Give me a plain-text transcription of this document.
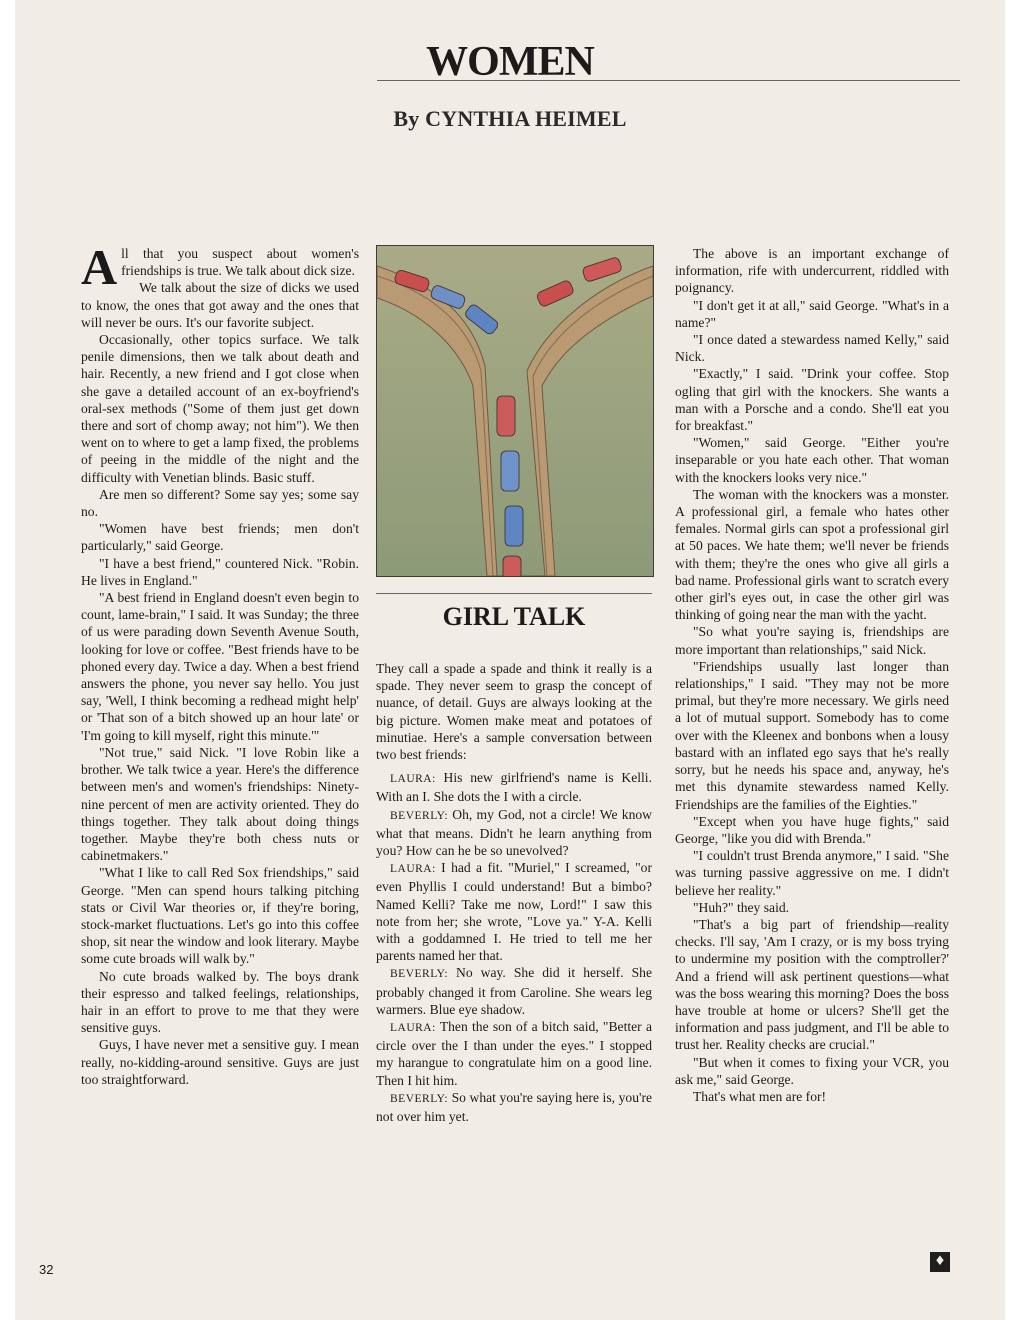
WOMEN
By CYNTHIA HEIMEL

All that you suspect about women's friendships is true. We talk about dick size.

We talk about the size of dicks we used to know, the ones that got away and the ones that will never be ours. It's our favorite subject.

Occasionally, other topics surface. We talk penile dimensions, then we talk about death and hair. Recently, a new friend and I got close when she gave a detailed account of an ex-boyfriend's oral-sex methods ("Some of them just get down there and sort of chomp away; not him"). We then went on to where to get a lamp fixed, the problems of peeing in the middle of the night and the difficulty with Venetian blinds. Basic stuff.

Are men so different? Some say yes; some say no.

"Women have best friends; men don't particularly," said George.

"I have a best friend," countered Nick. "Robin. He lives in England."

"A best friend in England doesn't even begin to count, lame-brain," I said. It was Sunday; the three of us were parading down Seventh Avenue South, looking for love or coffee. "Best friends have to be phoned every day. Twice a day. When a best friend answers the phone, you never say hello. You just say, 'Well, I think becoming a redhead might help' or 'That son of a bitch showed up an hour late' or 'I'm going to kill myself, right this minute.'"

"Not true," said Nick. "I love Robin like a brother. We talk twice a year. Here's the difference between men's and women's friendships: Ninety-nine percent of men are activity oriented. They do things together. They talk about doing things together. Maybe they're both chess nuts or cabinetmakers."

"What I like to call Red Sox friendships," said George. "Men can spend hours talking pitching stats or Civil War theories or, if they're boring, stock-market fluctuations. Let's go into this coffee shop, sit near the window and look literary. Maybe some cute broads will walk by."

No cute broads walked by. The boys drank their espresso and talked feelings, relationships, hair in an effort to prove to me that they were sensitive guys.

Guys, I have never met a sensitive guy. I mean really, no-kidding-around sensitive. Guys are just too straightforward.

GIRL TALK

They call a spade a spade and think it really is a spade. They never seem to grasp the concept of nuance, of detail. Guys are always looking at the big picture. Women make meat and potatoes of minutiae. Here's a sample conversation between two best friends:

LAURA: His new girlfriend's name is Kelli. With an I. She dots the I with a circle.

BEVERLY: Oh, my God, not a circle! We know what that means. Didn't he learn anything from you? How can he be so unevolved?

LAURA: I had a fit. "Muriel," I screamed, "or even Phyllis I could understand! But a bimbo? Named Kelli? Take me now, Lord!" I saw this note from her; she wrote, "Love ya." Y-A. Kelli with a goddamned I. He tried to tell me her parents named her that.

BEVERLY: No way. She did it herself. She probably changed it from Caroline. She wears leg warmers. Blue eye shadow.

LAURA: Then the son of a bitch said, "Better a circle over the I than under the eyes." I stopped my harangue to congratulate him on a good line. Then I hit him.

BEVERLY: So what you're saying here is, you're not over him yet.

The above is an important exchange of information, rife with undercurrent, riddled with poignancy.

"I don't get it at all," said George. "What's in a name?"

"I once dated a stewardess named Kelly," said Nick.

"Exactly," I said. "Drink your coffee. Stop ogling that girl with the knockers. She wants a man with a Porsche and a condo. She'll eat you for breakfast."

"Women," said George. "Either you're inseparable or you hate each other. That woman with the knockers looks very nice."

The woman with the knockers was a monster. A professional girl, a female who hates other females. Normal girls can spot a professional girl at 50 paces. We hate them; we'll never be friends with them; they're the ones who give all girls a bad name. Professional girls want to scratch every other girl's eyes out, in case the other girl was thinking of going near the man with the yacht.

"So what you're saying is, friendships are more important than relationships," said Nick.

"Friendships usually last longer than relationships," I said. "They may not be more primal, but they're more necessary. We girls need a lot of mutual support. Somebody has to come over with the Kleenex and bonbons when a lousy bastard with an inflated ego says that he's really sorry, but he needs his space and, anyway, he's met this dynamite stewardess named Kelly. Friendships are the families of the Eighties."

"Except when you have huge fights," said George, "like you did with Brenda."

"I couldn't trust Brenda anymore," I said. "She was turning passive aggressive on me. I didn't believe her reality."

"Huh?" they said.

"That's a big part of friendship—reality checks. I'll say, 'Am I crazy, or is my boss trying to undermine my position with the comptroller?' And a friend will ask pertinent questions—what was the boss wearing this morning? Does the boss have trouble at home or ulcers? She'll get the information and pass judgment, and I'll be able to trust her. Reality checks are crucial."

"But when it comes to fixing your VCR, you ask me," said George.

That's what men are for!

♦
32
